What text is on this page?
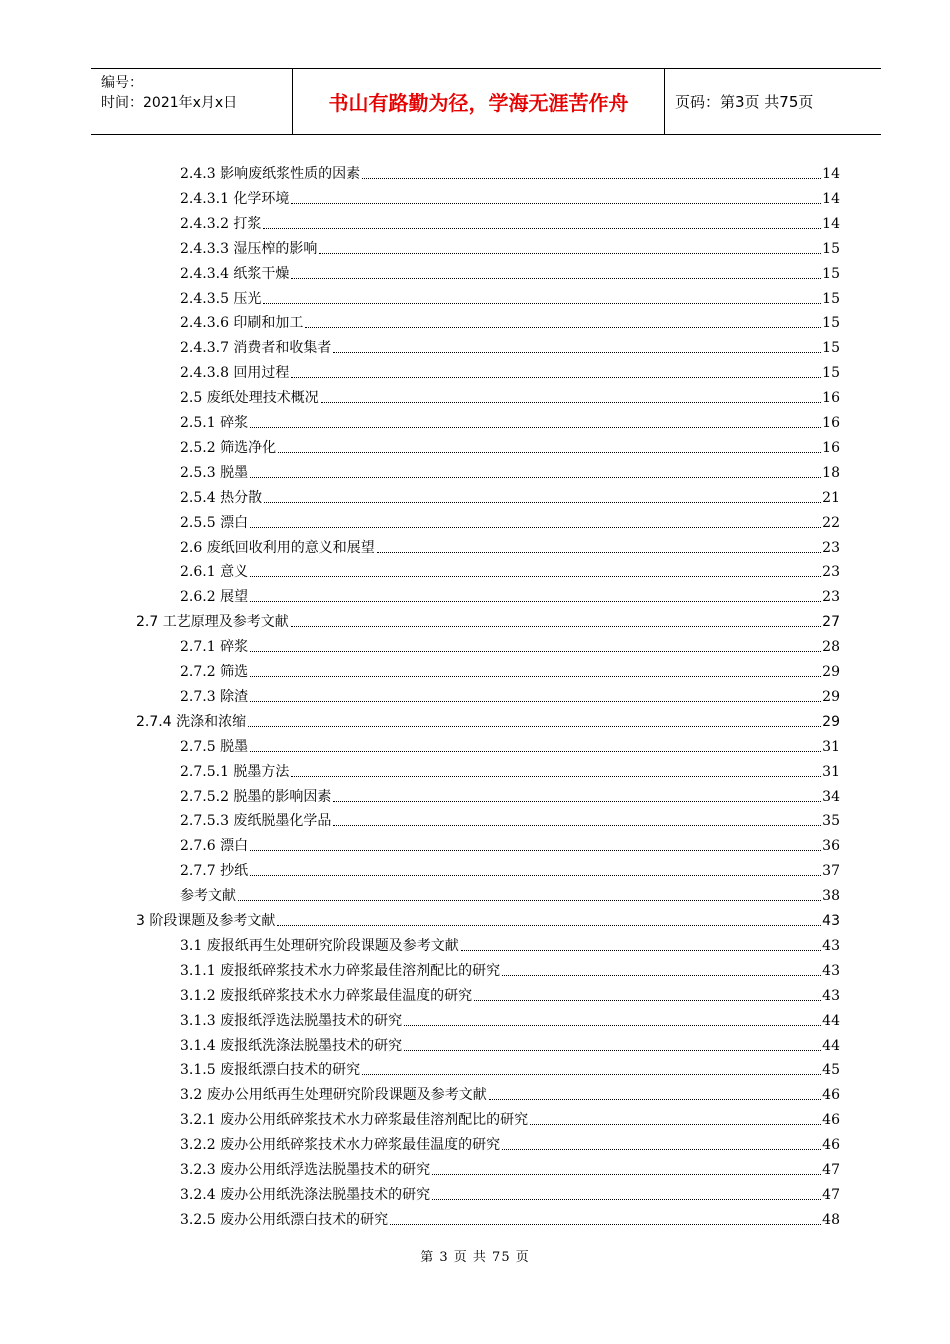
编号：
时间：2021年x月x日	书山有路勤为径，学海无涯苦作舟	页码：第3页 共75页
2.4.3 影响废纸浆性质的因素	14
2.4.3.1 化学环境	14
2.4.3.2 打浆	14
2.4.3.3 湿压榨的影响	15
2.4.3.4 纸浆干燥	15
2.4.3.5 压光	15
2.4.3.6 印刷和加工	15
2.4.3.7 消费者和收集者	15
2.4.3.8 回用过程	15
2.5 废纸处理技术概况	16
2.5.1 碎浆	16
2.5.2 筛选净化	16
2.5.3 脱墨	18
2.5.4 热分散	21
2.5.5 漂白	22
2.6 废纸回收利用的意义和展望	23
2.6.1 意义	23
2.6.2 展望	23
2.7 工艺原理及参考文献	27
2.7.1 碎浆	28
2.7.2 筛选	29
2.7.3 除渣	29
2.7.4 洗涤和浓缩	29
2.7.5 脱墨	31
2.7.5.1 脱墨方法	31
2.7.5.2 脱墨的影响因素	34
2.7.5.3 废纸脱墨化学品	35
2.7.6 漂白	36
2.7.7 抄纸	37
参考文献	38
3 阶段课题及参考文献	43
3.1 废报纸再生处理研究阶段课题及参考文献	43
3.1.1 废报纸碎浆技术水力碎浆最佳溶剂配比的研究	43
3.1.2 废报纸碎浆技术水力碎浆最佳温度的研究	43
3.1.3 废报纸浮选法脱墨技术的研究	44
3.1.4 废报纸洗涤法脱墨技术的研究	44
3.1.5 废报纸漂白技术的研究	45
3.2 废办公用纸再生处理研究阶段课题及参考文献	46
3.2.1 废办公用纸碎浆技术水力碎浆最佳溶剂配比的研究	46
3.2.2 废办公用纸碎浆技术水力碎浆最佳温度的研究	46
3.2.3 废办公用纸浮选法脱墨技术的研究	47
3.2.4 废办公用纸洗涤法脱墨技术的研究	47
3.2.5 废办公用纸漂白技术的研究	48
第 3 页 共 75 页
